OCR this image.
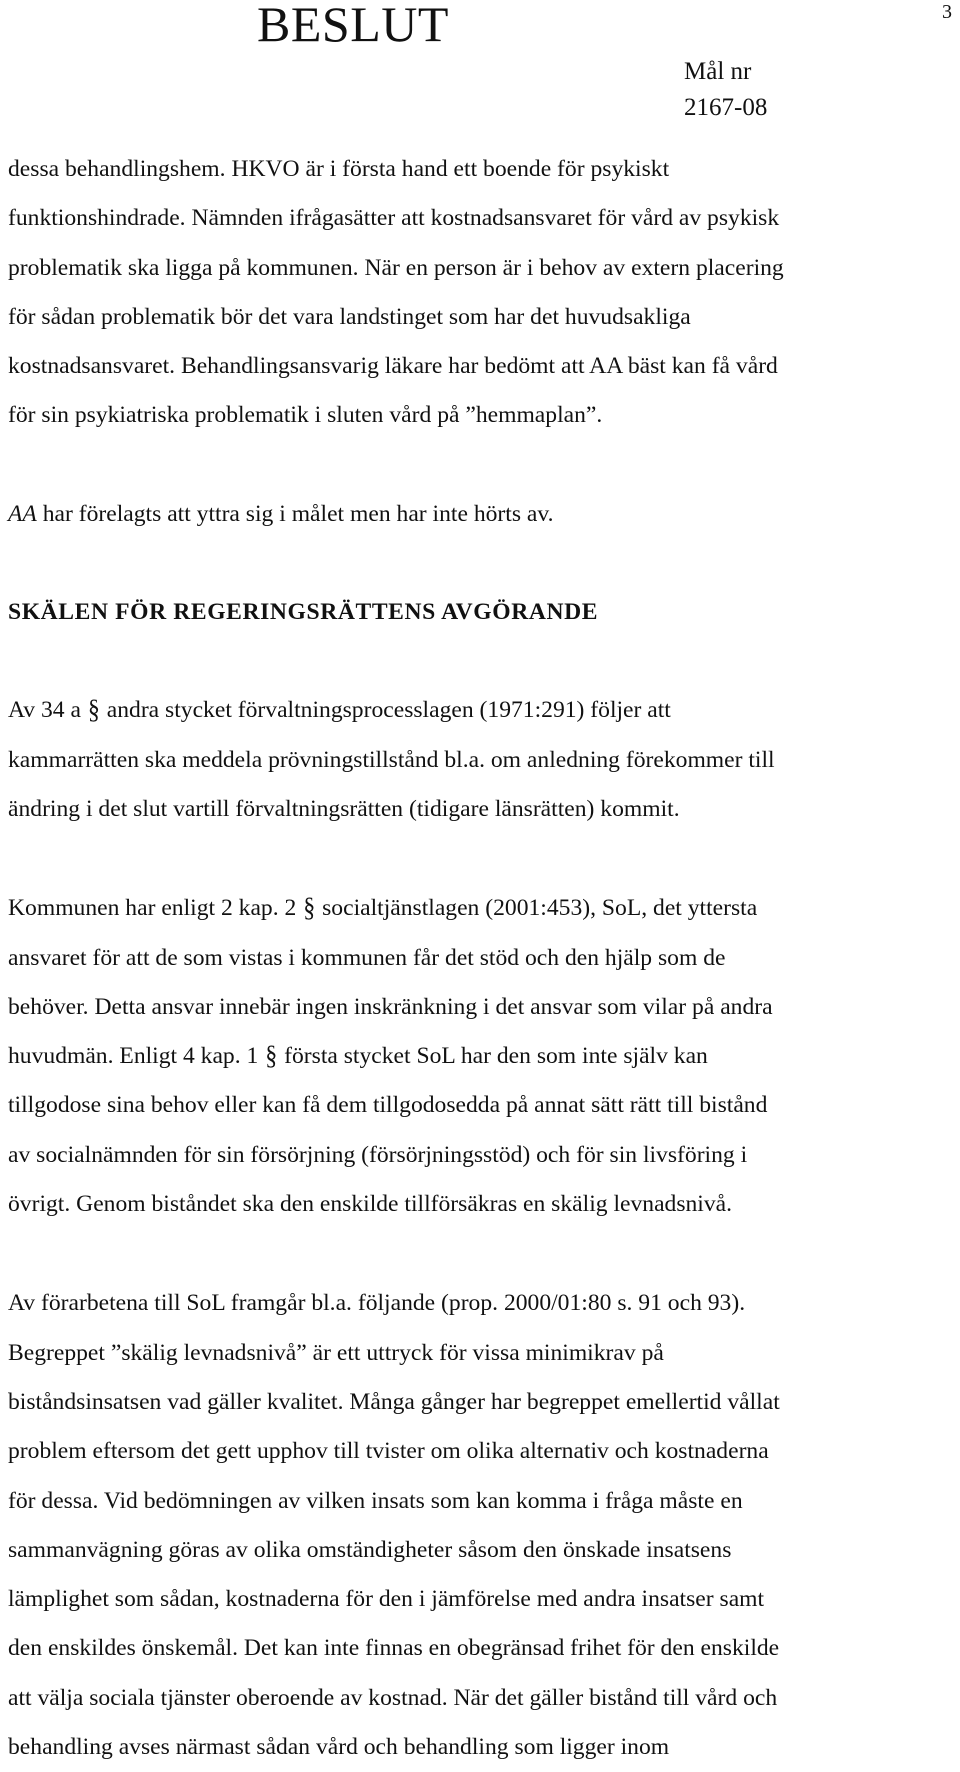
BESLUT	3
Mål nr
2167-08

dessa behandlingshem. HKVO är i första hand ett boende för psykiskt

funktionshindrade. Nämnden ifrågasätter att kostnadsansvaret för vård av psykisk

problematik ska ligga på kommunen. När en person är i behov av extern placering

för sådan problematik bör det vara landstinget som har det huvudsakliga

kostnadsansvaret. Behandlingsansvarig läkare har bedömt att AA bäst kan få vård

för sin psykiatriska problematik i sluten vård på ”hemmaplan”.

AA har förelagts att yttra sig i målet men har inte hörts av.

SKÄLEN FÖR REGERINGSRÄTTENS AVGÖRANDE

Av 34 a § andra stycket förvaltningsprocesslagen (1971:291) följer att

kammarrätten ska meddela prövningstillstånd bl.a. om anledning förekommer till

ändring i det slut vartill förvaltningsrätten (tidigare länsrätten) kommit.

Kommunen har enligt 2 kap. 2 § socialtjänstlagen (2001:453), SoL, det yttersta

ansvaret för att de som vistas i kommunen får det stöd och den hjälp som de

behöver. Detta ansvar innebär ingen inskränkning i det ansvar som vilar på andra

huvudmän. Enligt 4 kap. 1 § första stycket SoL har den som inte själv kan

tillgodose sina behov eller kan få dem tillgodosedda på annat sätt rätt till bistånd

av socialnämnden för sin försörjning (försörjningsstöd) och för sin livsföring i

övrigt. Genom biståndet ska den enskilde tillförsäkras en skälig levnadsnivå.

Av förarbetena till SoL framgår bl.a. följande (prop. 2000/01:80 s. 91 och 93).

Begreppet ”skälig levnadsnivå” är ett uttryck för vissa minimikrav på

biståndsinsatsen vad gäller kvalitet. Många gånger har begreppet emellertid vållat

problem eftersom det gett upphov till tvister om olika alternativ och kostnaderna

för dessa. Vid bedömningen av vilken insats som kan komma i fråga måste en

sammanvägning göras av olika omständigheter såsom den önskade insatsens

lämplighet som sådan, kostnaderna för den i jämförelse med andra insatser samt

den enskildes önskemål. Det kan inte finnas en obegränsad frihet för den enskilde

att välja sociala tjänster oberoende av kostnad. När det gäller bistånd till vård och

behandling avses närmast sådan vård och behandling som ligger inom
